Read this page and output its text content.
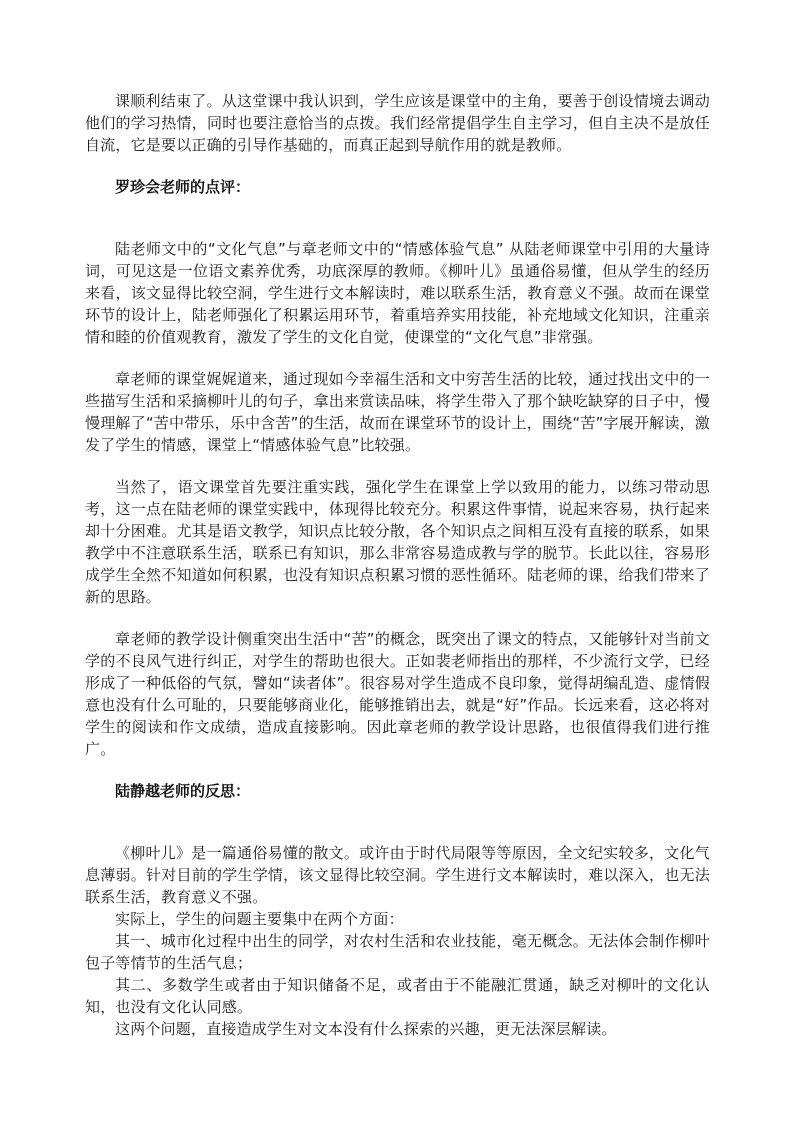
课顺利结束了。从这堂课中我认识到，学生应该是课堂中的主角，要善于创设情境去调动他们的学习热情，同时也要注意恰当的点拨。我们经常提倡学生自主学习，但自主决不是放任自流，它是要以正确的引导作基础的，而真正起到导航作用的就是教师。

罗珍会老师的点评：

陆老师文中的“文化气息”与章老师文中的“情感体验气息” 从陆老师课堂中引用的大量诗词，可见这是一位语文素养优秀，功底深厚的教师。《柳叶儿》虽通俗易懂，但从学生的经历来看，该文显得比较空洞，学生进行文本解读时，难以联系生活，教育意义不强。故而在课堂环节的设计上，陆老师强化了积累运用环节，着重培养实用技能，补充地域文化知识，注重亲情和睦的价值观教育，激发了学生的文化自觉，使课堂的“文化气息”非常强。

章老师的课堂娓娓道来，通过现如今幸福生活和文中穷苦生活的比较，通过找出文中的一些描写生活和采摘柳叶儿的句子，拿出来赏读品味，将学生带入了那个缺吃缺穿的日子中，慢慢理解了“苦中带乐，乐中含苦”的生活，故而在课堂环节的设计上，围绕“苦”字展开解读，激发了学生的情感，课堂上“情感体验气息”比较强。

当然了，语文课堂首先要注重实践，强化学生在课堂上学以致用的能力，以练习带动思考，这一点在陆老师的课堂实践中，体现得比较充分。积累这件事情，说起来容易，执行起来却十分困难。尤其是语文教学，知识点比较分散，各个知识点之间相互没有直接的联系，如果教学中不注意联系生活，联系已有知识，那么非常容易造成教与学的脱节。长此以往，容易形成学生全然不知道如何积累，也没有知识点积累习惯的恶性循环。陆老师的课，给我们带来了新的思路。

章老师的教学设计侧重突出生活中“苦”的概念，既突出了课文的特点，又能够针对当前文学的不良风气进行纠正，对学生的帮助也很大。正如裴老师指出的那样，不少流行文学，已经形成了一种低俗的气氛，譬如“读者体”。很容易对学生造成不良印象，觉得胡编乱造、虚情假意也没有什么可耻的，只要能够商业化，能够推销出去，就是“好”作品。长远来看，这必将对学生的阅读和作文成绩，造成直接影响。因此章老师的教学设计思路，也很值得我们进行推广。

陆静越老师的反思：

《柳叶儿》是一篇通俗易懂的散文。或许由于时代局限等等原因，全文纪实较多，文化气息薄弱。针对目前的学生学情，该文显得比较空洞。学生进行文本解读时，难以深入，也无法联系生活，教育意义不强。

实际上，学生的问题主要集中在两个方面：

其一、城市化过程中出生的同学，对农村生活和农业技能，毫无概念。无法体会制作柳叶包子等情节的生活气息；

其二、多数学生或者由于知识储备不足，或者由于不能融汇贯通，缺乏对柳叶的文化认知，也没有文化认同感。

这两个问题，直接造成学生对文本没有什么探索的兴趣，更无法深层解读。
